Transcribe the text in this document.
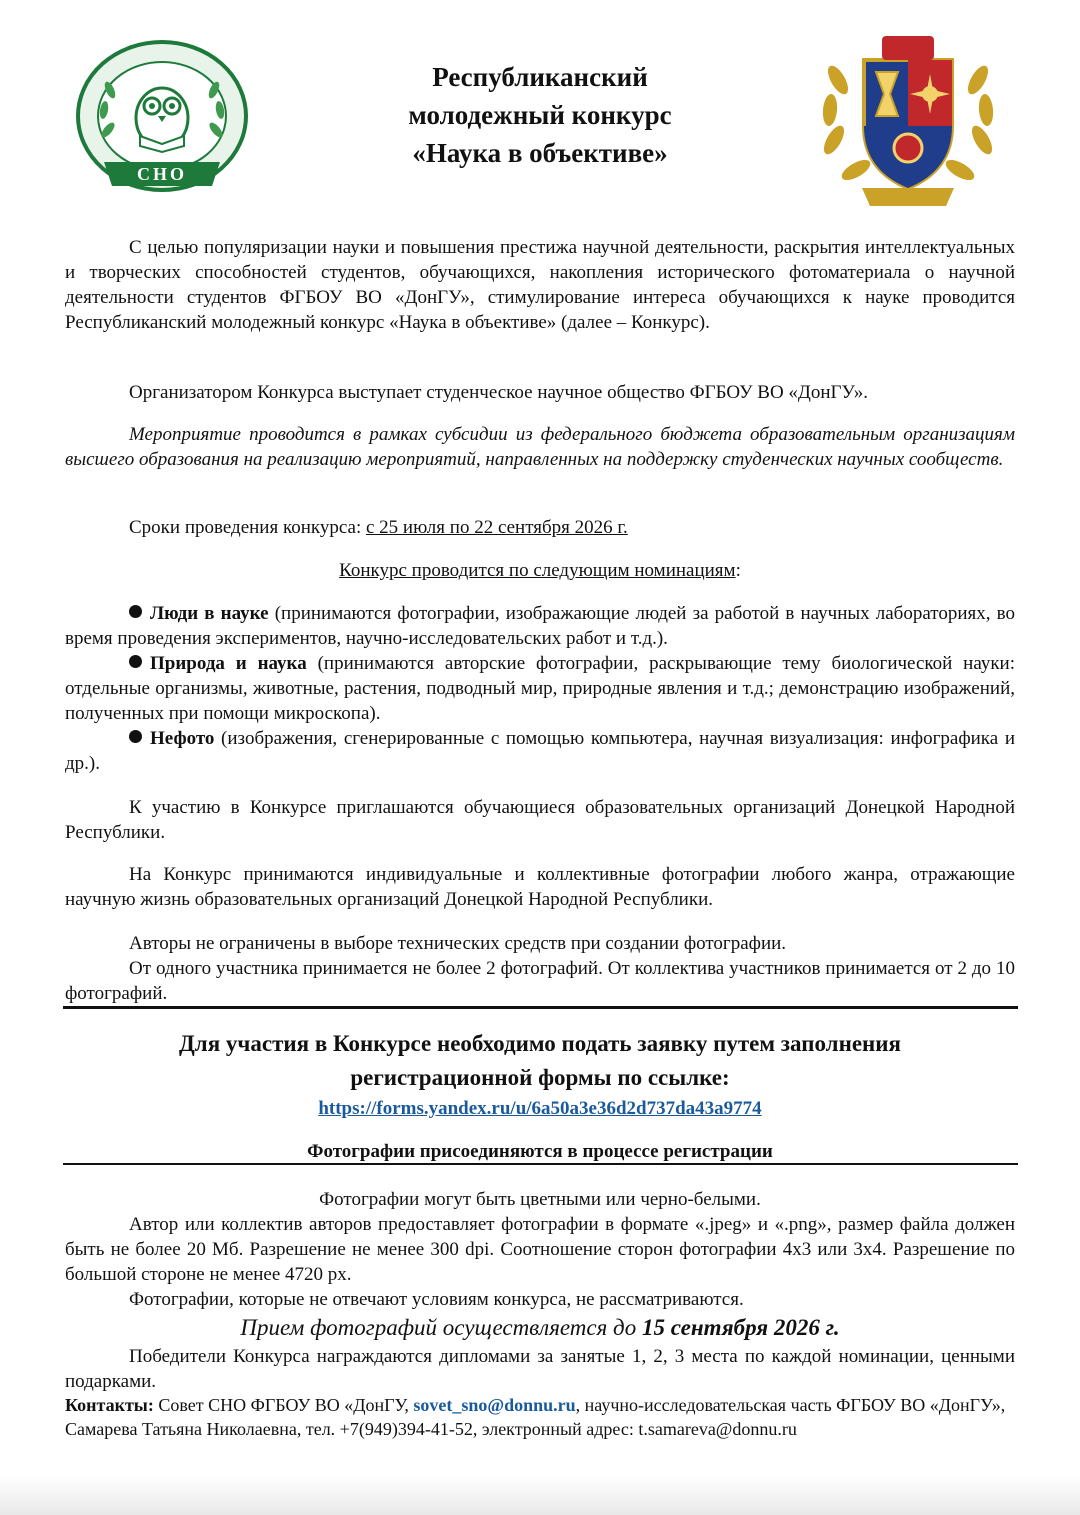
СНО
Республиканский
молодежный конкурс
«Наука в объективе»
С целью популяризации науки и повышения престижа научной деятельности, раскрытия интеллектуальных и творческих способностей студентов, обучающихся, накопления исторического фотоматериала о научной деятельности студентов ФГБОУ ВО «ДонГУ», стимулирование интереса обучающихся к науке проводится Республиканский молодежный конкурс «Наука в объективе» (далее – Конкурс).
Организатором Конкурса выступает студенческое научное общество ФГБОУ ВО «ДонГУ».
Мероприятие проводится в рамках субсидии из федерального бюджета образовательным организациям высшего образования на реализацию мероприятий, направленных на поддержку студенческих научных сообществ.
Сроки проведения конкурса: с 25 июля по 22 сентября 2026 г.
Конкурс проводится по следующим номинациям:
Люди в науке (принимаются фотографии, изображающие людей за работой в научных лабораториях, во время проведения экспериментов, научно-исследовательских работ и т.д.).
Природа и наука (принимаются авторские фотографии, раскрывающие тему биологической науки: отдельные организмы, животные, растения, подводный мир, природные явления и т.д.; демонстрацию изображений, полученных при помощи микроскопа).
Нефото (изображения, сгенерированные с помощью компьютера, научная визуализация: инфографика и др.).
К участию в Конкурсе приглашаются обучающиеся образовательных организаций Донецкой Народной Республики.
На Конкурс принимаются индивидуальные и коллективные фотографии любого жанра, отражающие научную жизнь образовательных организаций Донецкой Народной Республики.
Авторы не ограничены в выборе технических средств при создании фотографии.
От одного участника принимается не более 2 фотографий. От коллектива участников принимается от 2 до 10 фотографий.
Для участия в Конкурсе необходимо подать заявку путем заполнения
регистрационной формы по ссылке:
https://forms.yandex.ru/u/6a50a3e36d2d737da43a9774
Фотографии присоединяются в процессе регистрации
Фотографии могут быть цветными или черно-белыми.
Автор или коллектив авторов предоставляет фотографии в формате «.jpeg» и «.png», размер файла должен быть не более 20 Мб. Разрешение не менее 300 dpi. Соотношение сторон фотографии 4х3 или 3х4. Разрешение по большой стороне не менее 4720 px.
Фотографии, которые не отвечают условиям конкурса, не рассматриваются.
Прием фотографий осуществляется до 15 сентября 2026 г.
Победители Конкурса награждаются дипломами за занятые 1, 2, 3 места по каждой номинации, ценными подарками.
Контакты: Совет СНО ФГБОУ ВО «ДонГУ, sovet_sno@donnu.ru, научно-исследовательская часть ФГБОУ ВО «ДонГУ», Самарева Татьяна Николаевна, тел. +7(949)394-41-52, электронный адрес: t.samareva@donnu.ru
